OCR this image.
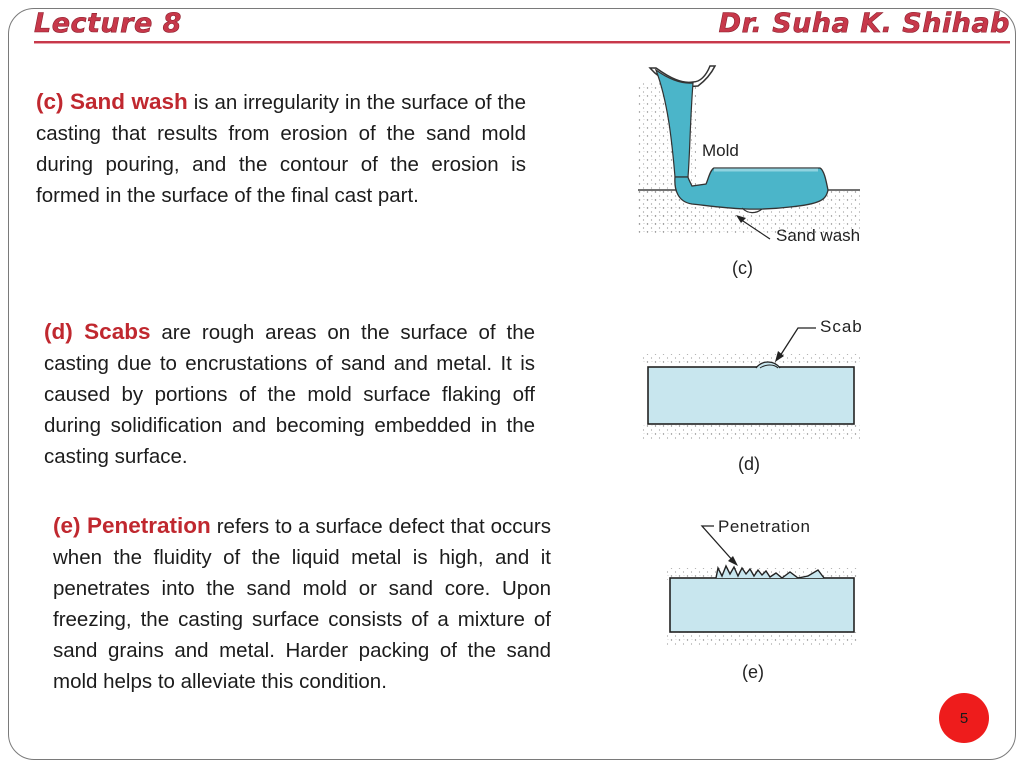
Lecture 8	Dr. Suha K. Shihab
(c) Sand wash is an irregularity in the surface of the casting that results from erosion of the sand mold during pouring, and the contour of the erosion is formed in the surface of the final cast part.
Mold
Sand wash
(c)
(d) Scabs are rough areas on the surface of the casting due to encrustations of sand and metal. It is caused by portions of the mold surface flaking off during solidification and becoming embedded in the casting surface.
Scab
(d)
(e) Penetration refers to a surface defect that occurs when the fluidity of the liquid metal is high, and it penetrates into the sand mold or sand core. Upon freezing, the casting surface consists of a mixture of sand grains and metal. Harder packing of the sand mold helps to alleviate this condition.
Penetration
(e)
5
